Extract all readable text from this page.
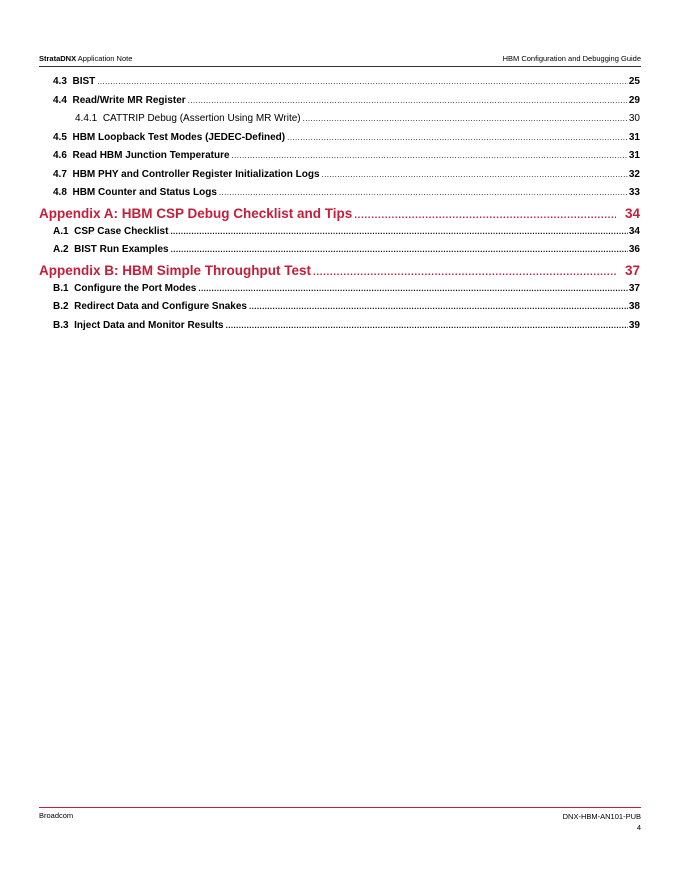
StrataDNX Application Note	HBM Configuration and Debugging Guide
4.3 BIST .....	25
4.4 Read/Write MR Register .....	29
4.4.1 CATTRIP Debug (Assertion Using MR Write) .....	30
4.5 HBM Loopback Test Modes (JEDEC-Defined) .....	31
4.6 Read HBM Junction Temperature .....	31
4.7 HBM PHY and Controller Register Initialization Logs .....	32
4.8 HBM Counter and Status Logs .....	33
Appendix A: HBM CSP Debug Checklist and Tips .....	34
A.1 CSP Case Checklist .....	34
A.2 BIST Run Examples .....	36
Appendix B: HBM Simple Throughput Test .....	37
B.1 Configure the Port Modes .....	37
B.2 Redirect Data and Configure Snakes .....	38
B.3 Inject Data and Monitor Results .....	39
Broadcom	DNX-HBM-AN101-PUB
4
